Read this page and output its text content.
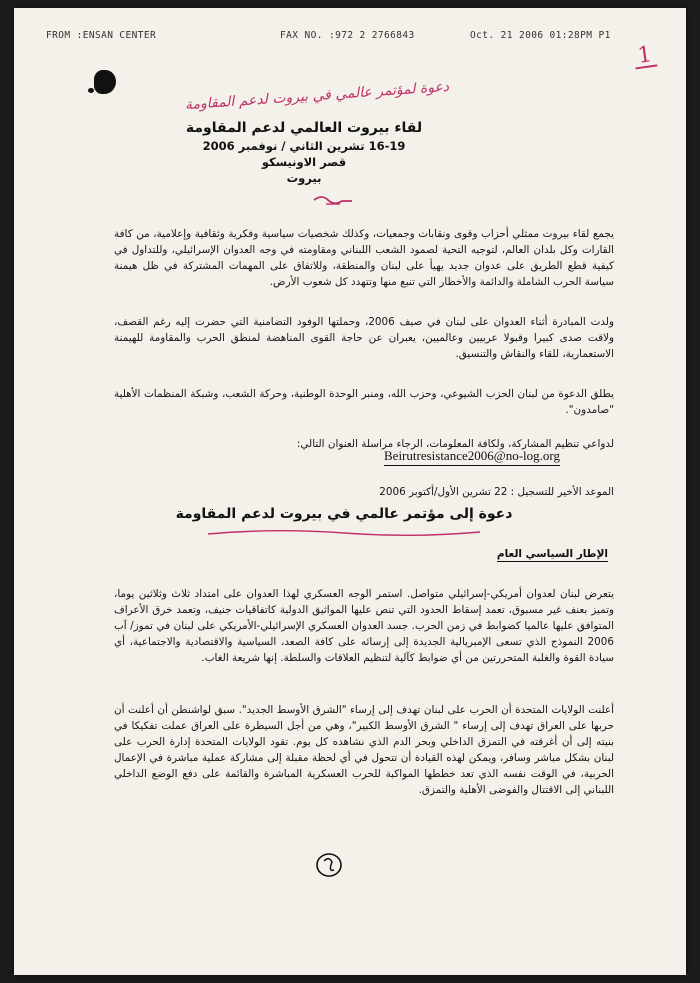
FROM :ENSAN CENTER	FAX NO. :972 2 2766843	Oct. 21 2006 01:28PM P1
1
دعوة لمؤتمر عالمي في بيروت لدعم المقاومة
لقاء بيروت العالمي لدعم المقاومة
16-19 تشرين الثاني / نوفمبر 2006
قصر الاونيسكو
بيروت

يجمع لقاء بيروت ممثلي أحزاب وقوى ونقابات وجمعيات، وكذلك شخصيات سياسية وفكرية وثقافية وإعلامية، من كافة القارات وكل بلدان العالم، لتوجيه التحية لصمود الشعب اللبناني ومقاومته في وجه العدوان الإسرائيلي، وللتداول في كيفية قطع الطريق على عدوان جديد يهيأ على لبنان والمنطقة، وللاتفاق على المهمات المشتركة في ظل هيمنة سياسة الحرب الشاملة والدائمة والأخطار التي تنبع منها وتتهدد كل شعوب الأرض.

ولدت المبادرة أثناء العدوان على لبنان في صيف 2006، وحملتها الوفود التضامنية التي حضرت إليه رغم القصف، ولاقت صدى كبيرا وقبولا عربيين وعالميين، يعبران عن حاجة القوى المناهضة لمنطق الحرب والمقاومة للهيمنة الاستعمارية، للقاء والنقاش والتنسيق.

يطلق الدعوة من لبنان الحزب الشيوعي، وحزب الله، ومنبر الوحدة الوطنية، وحركة الشعب، وشبكة المنظمات الأهلية "صامدون".

لدواعي تنظيم المشاركة، ولكافة المعلومات، الرجاء مراسلة العنوان التالي:

Beirutresistance2006@no-log.org

الموعد الأخير للتسجيل : 22 تشرين الأول/أكتوبر 2006

دعوة إلى مؤتمر عالمي في بيروت لدعم المقاومة
الإطار السياسي العام

يتعرض لبنان لعدوان أمريكي-إسرائيلي متواصل. استمر الوجه العسكري لهذا العدوان على امتداد ثلاث وثلاثين يوما، وتميز بعنف غير مسبوق، تعمد إسقاط الحدود التي تنص عليها المواثيق الدولية كاتفاقيات جنيف، وتعمد خرق الأعراف المتوافق عليها عالميا كضوابط في زمن الحرب. جسد العدوان العسكري الإسرائيلي-الأمريكي على لبنان في تموز/ آب 2006 النموذج الذي تسعى الإمبريالية الجديدة إلى إرسائه على كافة الصعد، السياسية والاقتصادية والاجتماعية، أي سيادة القوة والغلبة المتحررتين من أي ضوابط كآلية لتنظيم العلاقات والسلطة. إنها شريعة الغاب.

أعلنت الولايات المتحدة أن الحرب على لبنان تهدف إلى إرساء "الشرق الأوسط الجديد". سبق لواشنطن أن أعلنت أن حربها على العراق تهدف إلى إرساء " الشرق الأوسط الكبير"، وهي من أجل السيطرة على العراق عملت تفكيكا في بنيته إلى أن أغرقته في التمزق الداخلي وبحر الدم الذي نشاهده كل يوم. تقود الولايات المتحدة إدارة الحرب على لبنان بشكل مباشر وسافر، ويمكن لهذه القيادة أن تتحول في أي لحظة مقبلة إلى مشاركة عملية مباشرة في الإعمال الحربية، في الوقت نفسه الذي تعد خططها المواكبة للحرب العسكرية المباشرة والقائمة على دفع الوضع الداخلي اللبناني إلى الاقتتال والفوضى الأهلية والتمزق.
